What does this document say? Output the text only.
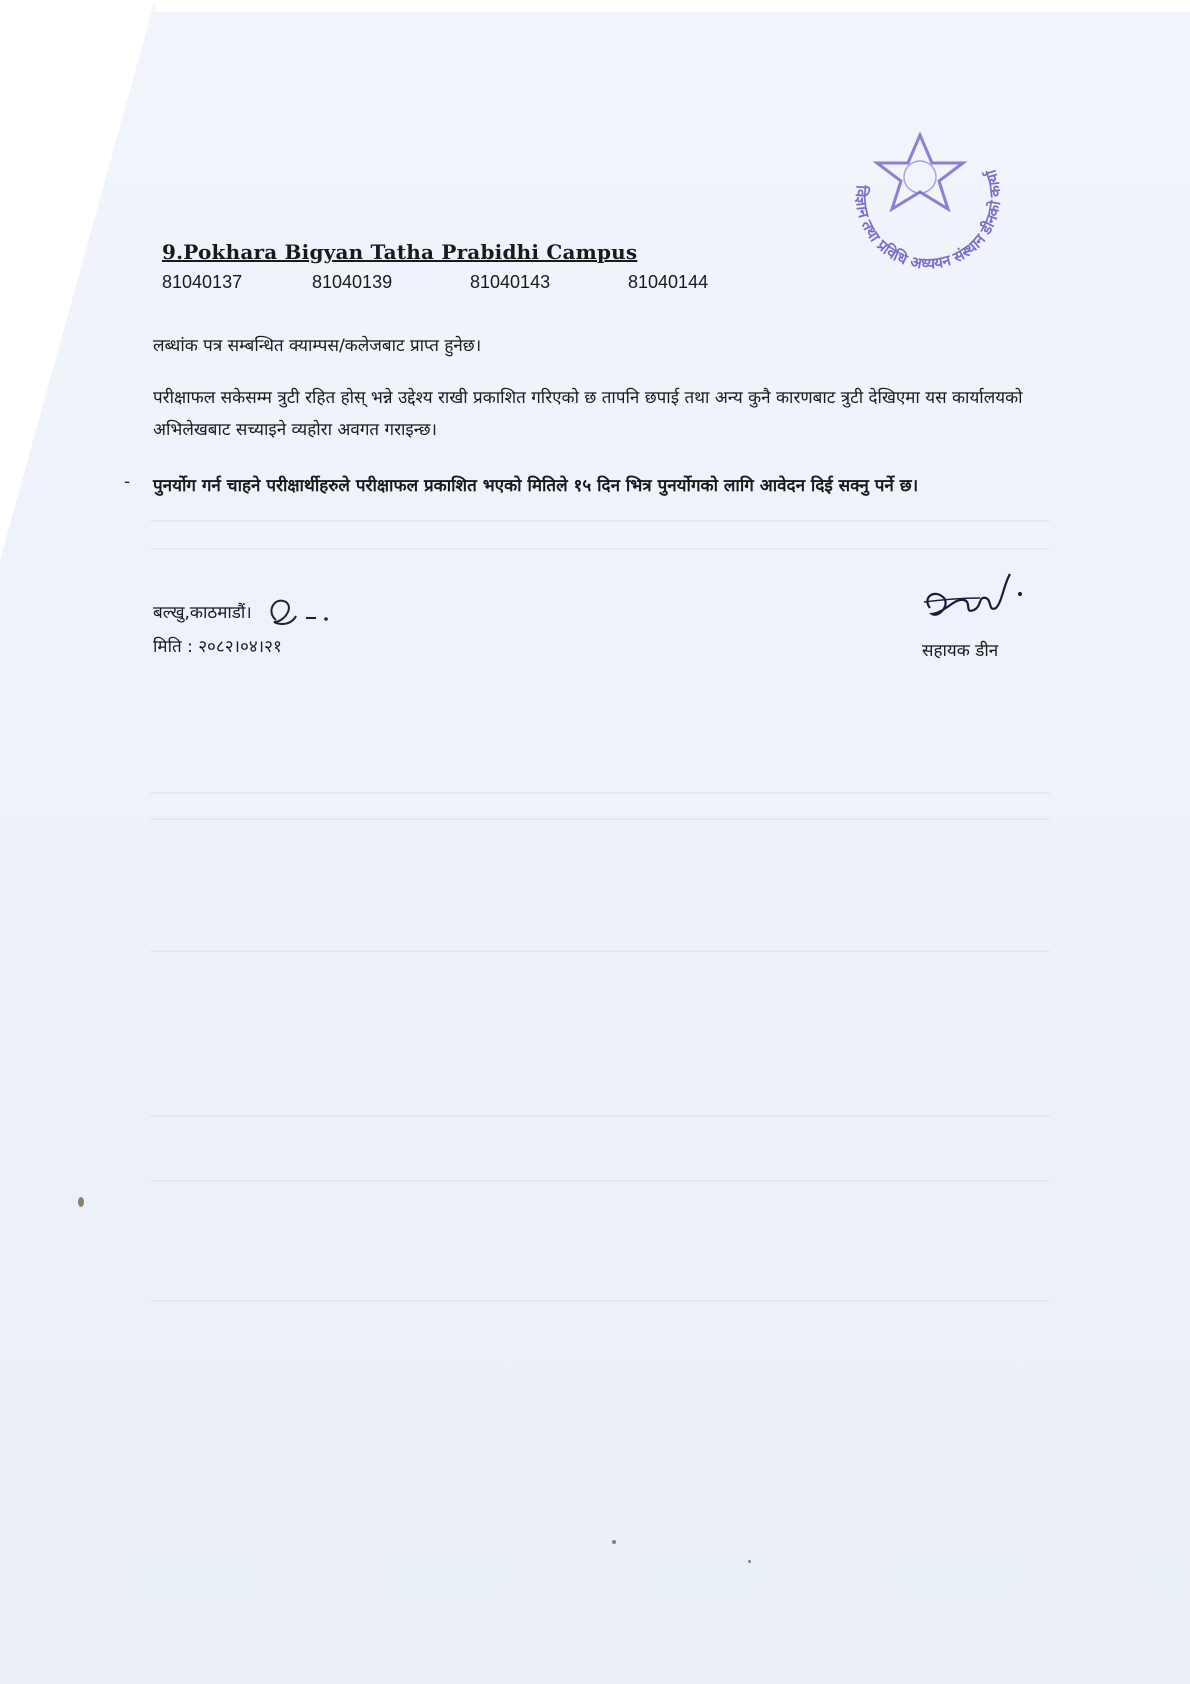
विज्ञान तथा प्रविधि अध्ययन संस्थान डीनको कार्या
9.Pokhara Bigyan Tatha Prabidhi Campus
81040137	81040139	81040143	81040144
लब्धांक पत्र सम्बन्धित क्याम्पस/कलेजबाट प्राप्त हुनेछ।
परीक्षाफल सकेसम्म त्रुटी रहित होस् भन्ने उद्देश्य राखी प्रकाशित गरिएको छ तापनि छपाई तथा अन्य कुनै कारणबाट त्रुटी देखिएमा यस कार्यालयको अभिलेखबाट सच्याइने व्यहोरा अवगत गराइन्छ।
- पुनर्योग गर्न चाहने परीक्षार्थीहरुले परीक्षाफल प्रकाशित भएको मितिले १५ दिन भित्र पुनर्योगको लागि आवेदन दिई सक्नु पर्ने छ।
बल्खु,काठमाडौं।
मिति : २०८२।०४।२१	सहायक डीन
